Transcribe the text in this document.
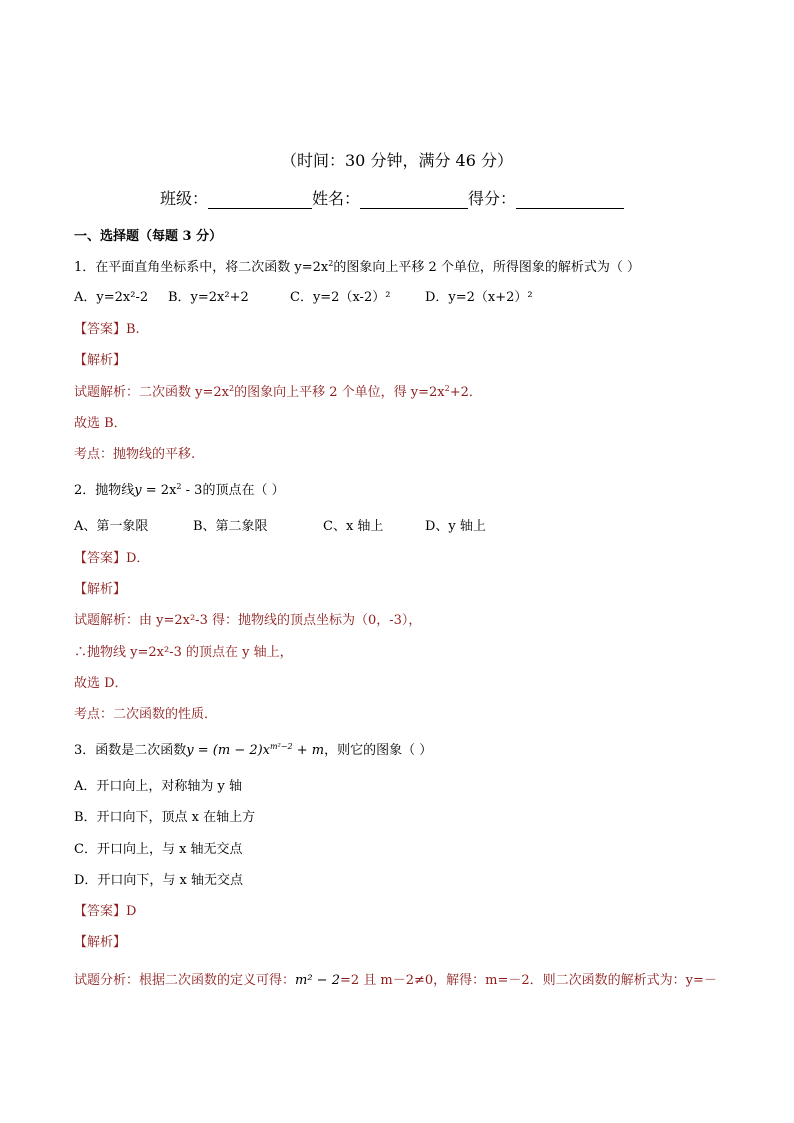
（时间：30 分钟，满分 46 分）
班级：	姓名：	得分：
一、选择题（每题 3 分）
1．在平面直角坐标系中，将二次函数 $y=2x^2$的图象向上平移 2 个单位，所得图象的解析式为（ ）
A．y=2x²-2 B．y=2x²+2	C．y=2（x-2）²	D．y=2（x+2）²
【答案】B.
【解析】
试题解析：二次函数 $y=2x^2$的图象向上平移 2 个单位，得 $y=2x^2+2$．
故选 B．
考点：抛物线的平移.
2．抛物线$y = 2x^2 - 3$的顶点在（ ）
A、第一象限	B、第二象限	C、x 轴上	D、y 轴上
【答案】D．
【解析】
试题解析：由 y=2x²-3 得：抛物线的顶点坐标为（0，-3），
∴抛物线 y=2x²-3 的顶点在 y 轴上，
故选 D．
考点：二次函数的性质．
3．函数是二次函数$y = (m - 2)x^{m^2-2} + m$，则它的图象（ ）
A．开口向上，对称轴为 y 轴
B．开口向下，顶点 x 在轴上方
C．开口向上，与 x 轴无交点
D．开口向下，与 x 轴无交点
【答案】D
【解析】
试题分析：根据二次函数的定义可得：m² − 2=2 且 m－2≠0，解得：m=－2．则二次函数的解析式为：y=－
